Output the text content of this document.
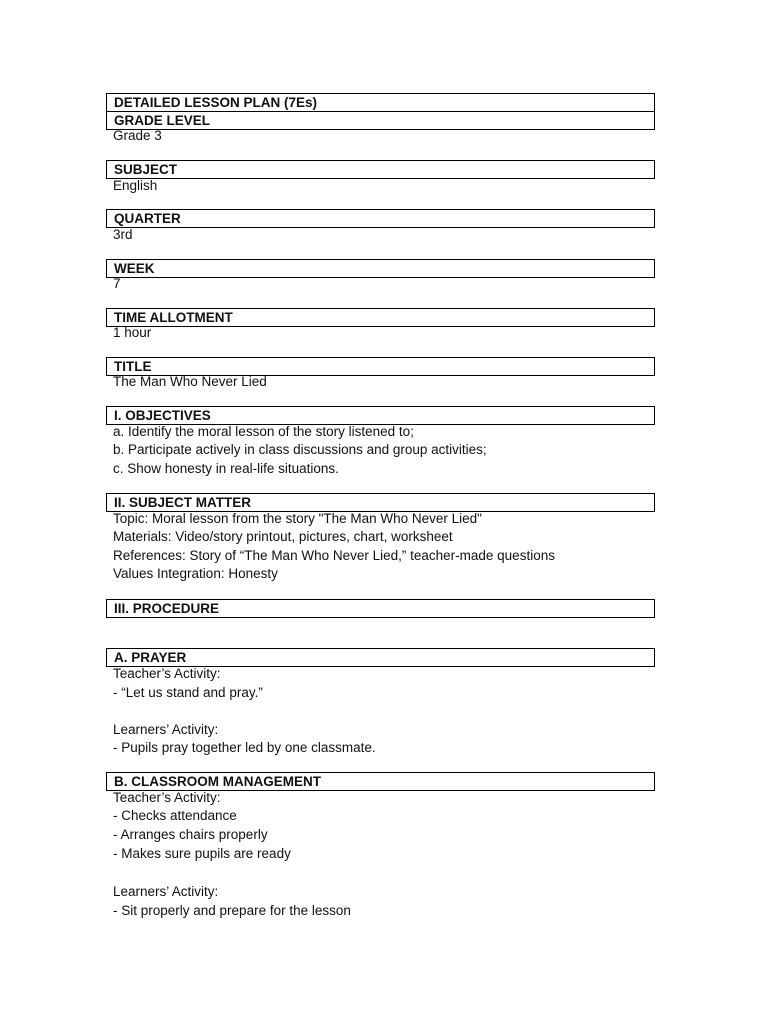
DETAILED LESSON PLAN (7Es)
GRADE LEVEL
Grade 3
SUBJECT
English
QUARTER
3rd
WEEK
7
TIME ALLOTMENT
1 hour
TITLE
The Man Who Never Lied
I. OBJECTIVES
a. Identify the moral lesson of the story listened to;
b. Participate actively in class discussions and group activities;
c. Show honesty in real-life situations.
II. SUBJECT MATTER
Topic: Moral lesson from the story "The Man Who Never Lied"
Materials: Video/story printout, pictures, chart, worksheet
References: Story of “The Man Who Never Lied,” teacher-made questions
Values Integration: Honesty
III. PROCEDURE
A. PRAYER
Teacher’s Activity:
- “Let us stand and pray.”
Learners’ Activity:
- Pupils pray together led by one classmate.
B. CLASSROOM MANAGEMENT
Teacher’s Activity:
- Checks attendance
- Arranges chairs properly
- Makes sure pupils are ready
Learners’ Activity:
- Sit properly and prepare for the lesson
